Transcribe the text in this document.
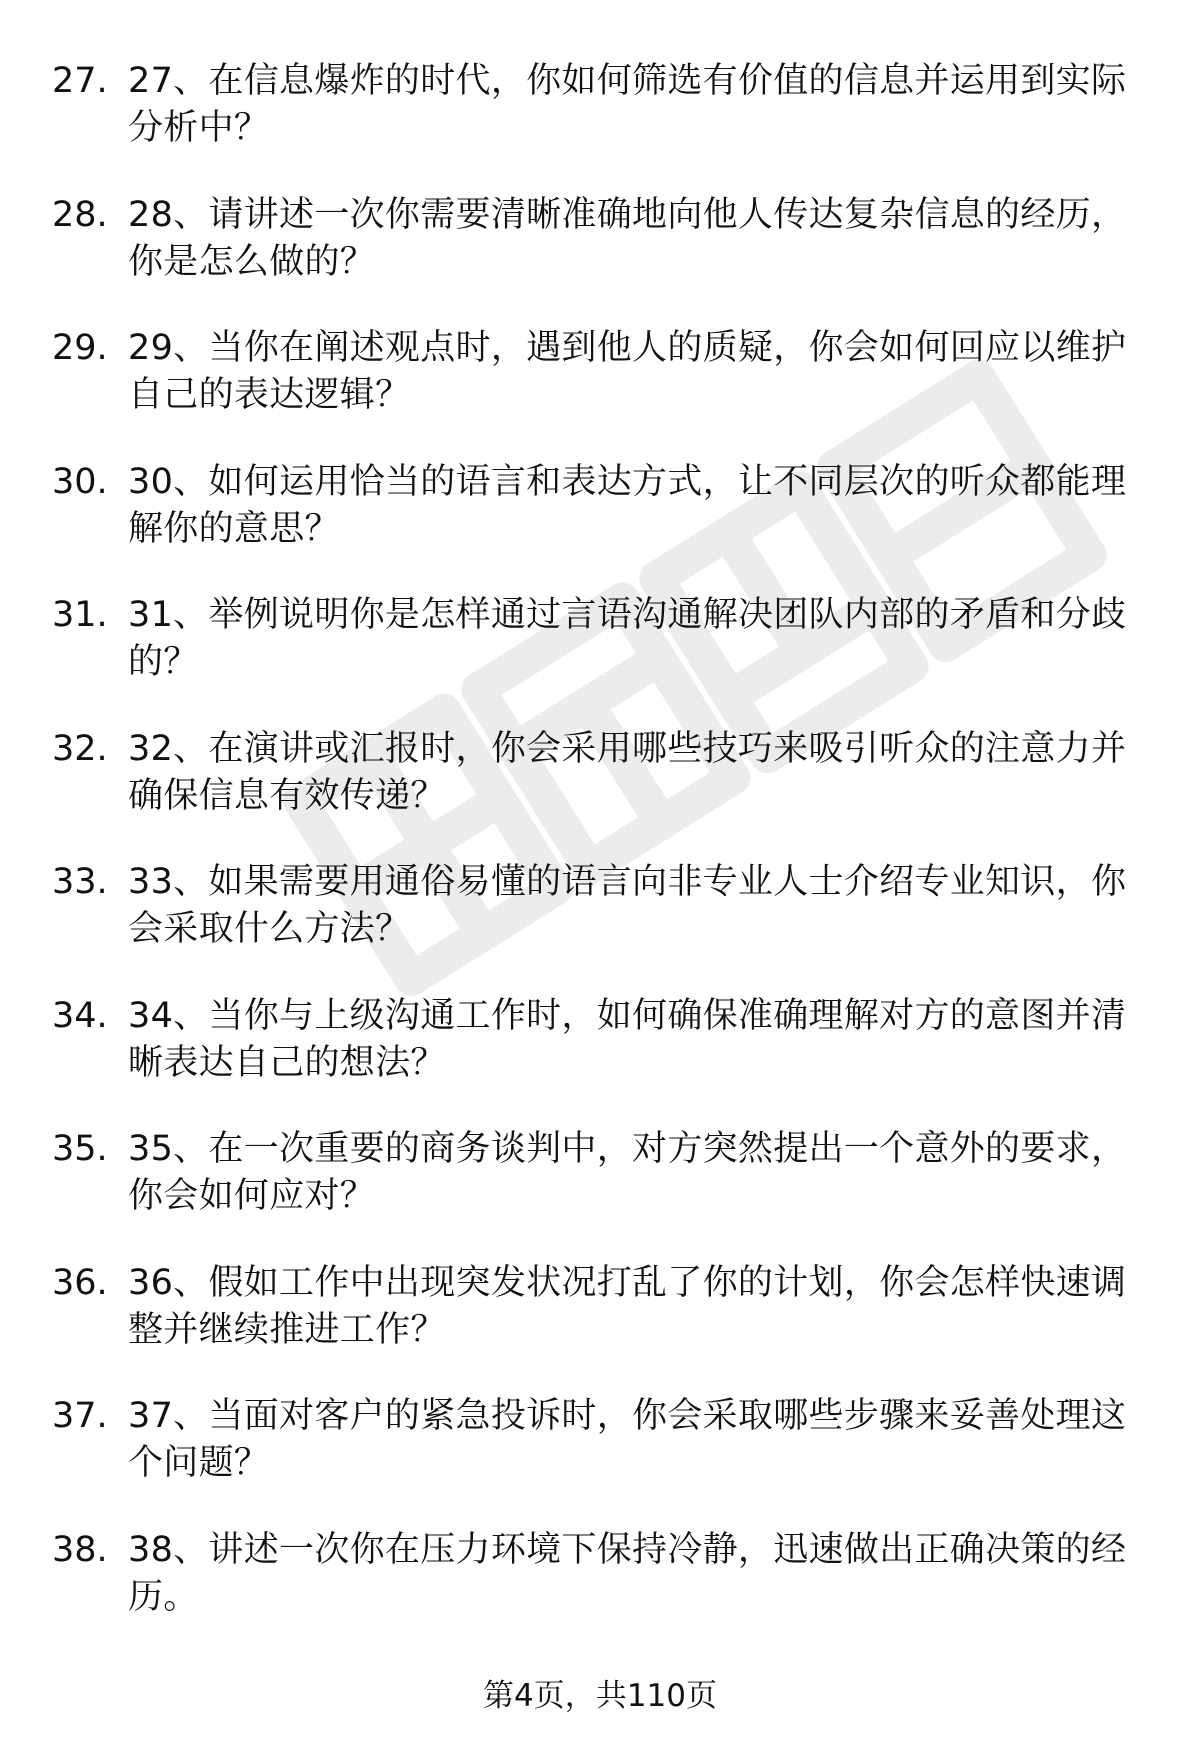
27. 27、在信息爆炸的时代，你如何筛选有价值的信息并运用到实际分析中？
28. 28、请讲述一次你需要清晰准确地向他人传达复杂信息的经历，你是怎么做的？
29. 29、当你在阐述观点时，遇到他人的质疑，你会如何回应以维护自己的表达逻辑？
30. 30、如何运用恰当的语言和表达方式，让不同层次的听众都能理解你的意思？
31. 31、举例说明你是怎样通过言语沟通解决团队内部的矛盾和分歧的？
32. 32、在演讲或汇报时，你会采用哪些技巧来吸引听众的注意力并确保信息有效传递？
33. 33、如果需要用通俗易懂的语言向非专业人士介绍专业知识，你会采取什么方法？
34. 34、当你与上级沟通工作时，如何确保准确理解对方的意图并清晰表达自己的想法？
35. 35、在一次重要的商务谈判中，对方突然提出一个意外的要求，你会如何应对？
36. 36、假如工作中出现突发状况打乱了你的计划，你会怎样快速调整并继续推进工作？
37. 37、当面对客户的紧急投诉时，你会采取哪些步骤来妥善处理这个问题？
38. 38、讲述一次你在压力环境下保持冷静，迅速做出正确决策的经历。
第4页，共110页
